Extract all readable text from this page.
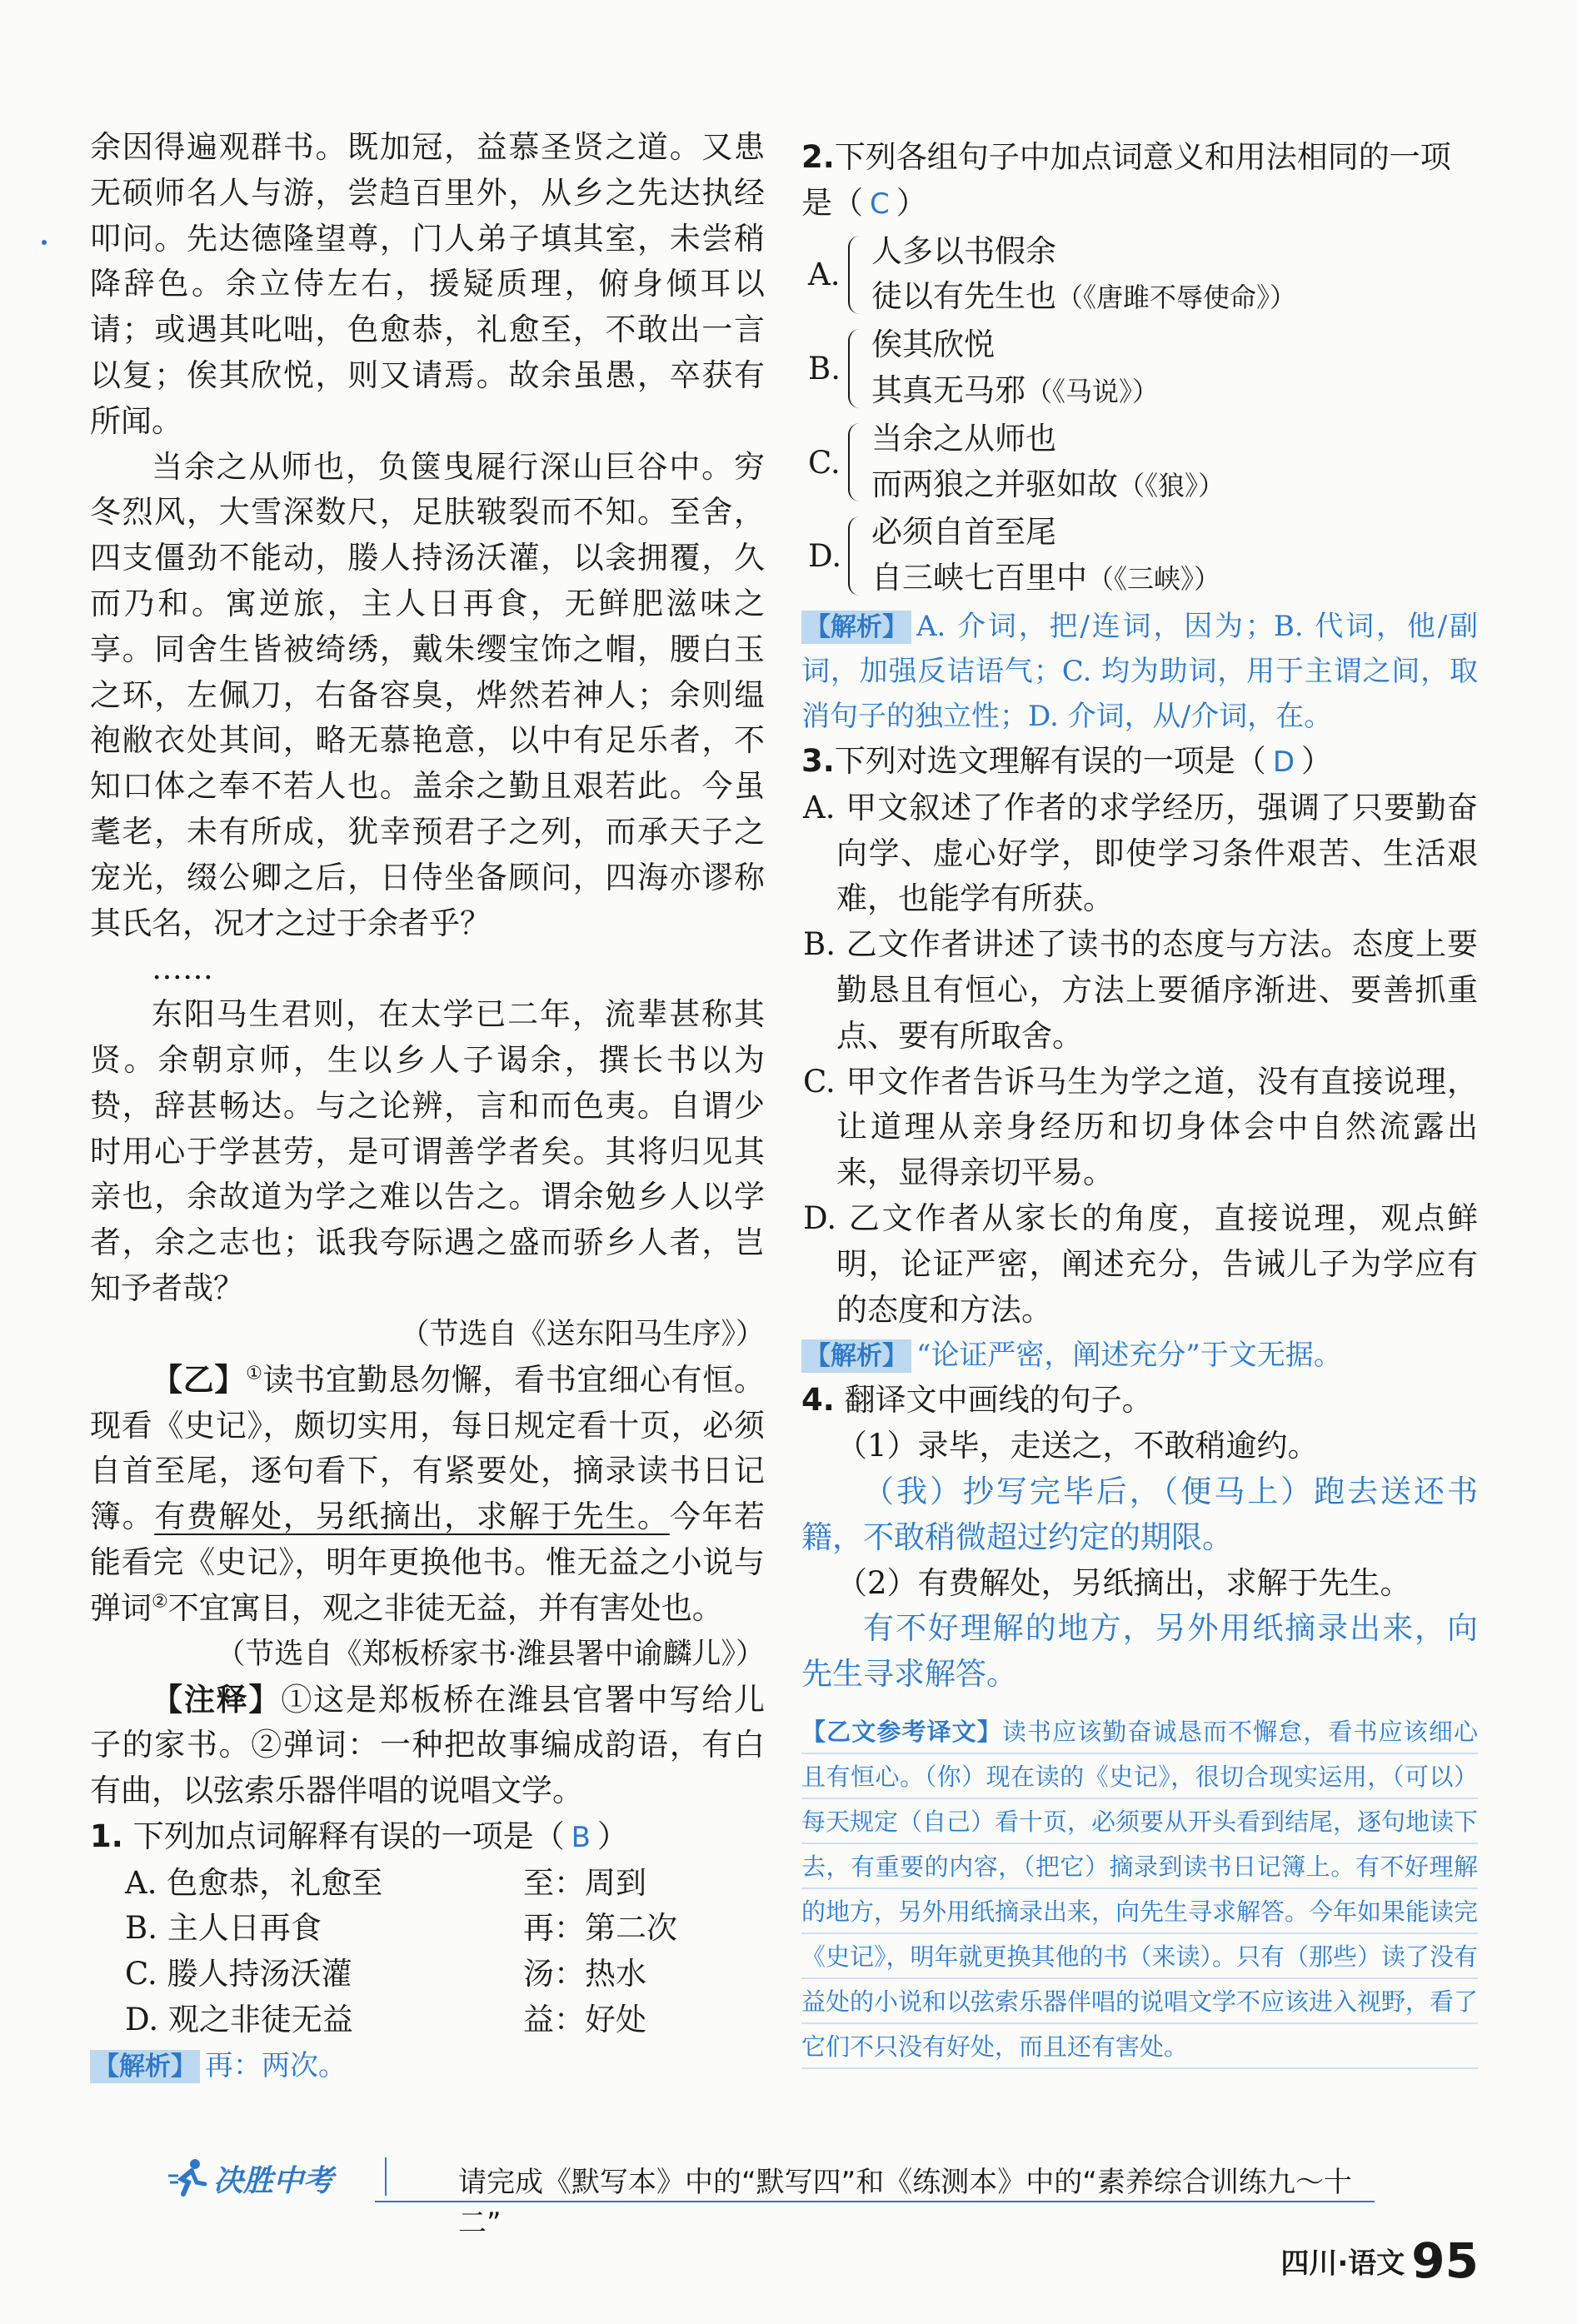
余因得遍观群书。既加冠，益慕圣贤之道。又患无硕师名人与游，尝趋百里外，从乡之先达执经叩问。先达德隆望尊，门人弟子填其室，未尝稍降辞色。余立侍左右，援疑质理，俯身倾耳以请；或遇其叱咄，色愈恭，礼愈至，不敢出一言以复；俟其欣悦，则又请焉。故余虽愚，卒获有所闻。

当余之从师也，负箧曳屣行深山巨谷中。穷冬烈风，大雪深数尺，足肤皲裂而不知。至舍，四支僵劲不能动，媵人持汤沃灌，以衾拥覆，久而乃和。寓逆旅，主人日再食，无鲜肥滋味之享。同舍生皆被绮绣，戴朱缨宝饰之帽，腰白玉之环，左佩刀，右备容臭，烨然若神人；余则缊袍敝衣处其间，略无慕艳意，以中有足乐者，不知口体之奉不若人也。盖余之勤且艰若此。今虽耄老，未有所成，犹幸预君子之列，而承天子之宠光，缀公卿之后，日侍坐备顾问，四海亦谬称其氏名，况才之过于余者乎？

……

东阳马生君则，在太学已二年，流辈甚称其贤。余朝京师，生以乡人子谒余，撰长书以为贽，辞甚畅达。与之论辨，言和而色夷。自谓少时用心于学甚劳，是可谓善学者矣。其将归见其亲也，余故道为学之难以告之。谓余勉乡人以学者，余之志也；诋我夸际遇之盛而骄乡人者，岂知予者哉？

（节选自《送东阳马生序》）

【乙】①读书宜勤恳勿懈，看书宜细心有恒。现看《史记》，颇切实用，每日规定看十页，必须自首至尾，逐句看下，有紧要处，摘录读书日记簿。有费解处，另纸摘出，求解于先生。今年若能看完《史记》，明年更换他书。惟无益之小说与弹词②不宜寓目，观之非徒无益，并有害处也。

（节选自《郑板桥家书·潍县署中谕麟儿》）

【注释】①这是郑板桥在潍县官署中写给儿子的家书。②弹词：一种把故事编成韵语，有白有曲，以弦索乐器伴唱的说唱文学。

1. 下列加点词解释有误的一项是（ B ）

A. 色愈恭，礼愈至	至：周到
B. 主人日再食	再：第二次
C. 媵人持汤沃灌	汤：热水
D. 观之非徒无益	益：好处

【解析】 再：两次。

2.下列各组句子中加点词意义和用法相同的一项是（ C ）

A.
人多以书假余
徒以有先生也（《唐雎不辱使命》）
B.
俟其欣悦
其真无马邪（《马说》）
C.
当余之从师也
而两狼之并驱如故（《狼》）
D.
必须自首至尾
自三峡七百里中（《三峡》）

【解析】 A. 介词，把/连词，因为；B. 代词，他/副词，加强反诘语气；C. 均为助词，用于主谓之间，取消句子的独立性；D. 介词，从/介词，在。

3.下列对选文理解有误的一项是（ D ）

A. 甲文叙述了作者的求学经历，强调了只要勤奋向学、虚心好学，即使学习条件艰苦、生活艰难，也能学有所获。

B. 乙文作者讲述了读书的态度与方法。态度上要勤恳且有恒心，方法上要循序渐进、要善抓重点、要有所取舍。

C. 甲文作者告诉马生为学之道，没有直接说理，让道理从亲身经历和切身体会中自然流露出来，显得亲切平易。

D. 乙文作者从家长的角度，直接说理，观点鲜明，论证严密，阐述充分，告诫儿子为学应有的态度和方法。

【解析】 “论证严密，阐述充分”于文无据。

4. 翻译文中画线的句子。

（1）录毕，走送之，不敢稍逾约。

（我）抄写完毕后，（便马上）跑去送还书籍，不敢稍微超过约定的期限。

（2）有费解处，另纸摘出，求解于先生。

有不好理解的地方，另外用纸摘录出来，向先生寻求解答。

【乙文参考译文】读书应该勤奋诚恳而不懈怠，看书应该细心且有恒心。（你）现在读的《史记》，很切合现实运用，（可以）每天规定（自己）看十页，必须要从开头看到结尾，逐句地读下去，有重要的内容，（把它）摘录到读书日记簿上。有不好理解的地方，另外用纸摘录出来，向先生寻求解答。今年如果能读完《史记》，明年就更换其他的书（来读）。只有（那些）读了没有益处的小说和以弦索乐器伴唱的说唱文学不应该进入视野，看了它们不只没有好处，而且还有害处。
决胜中考	请完成《默写本》中的“默写四”和《练测本》中的“素养综合训练九～十二”
四川·语文 95
